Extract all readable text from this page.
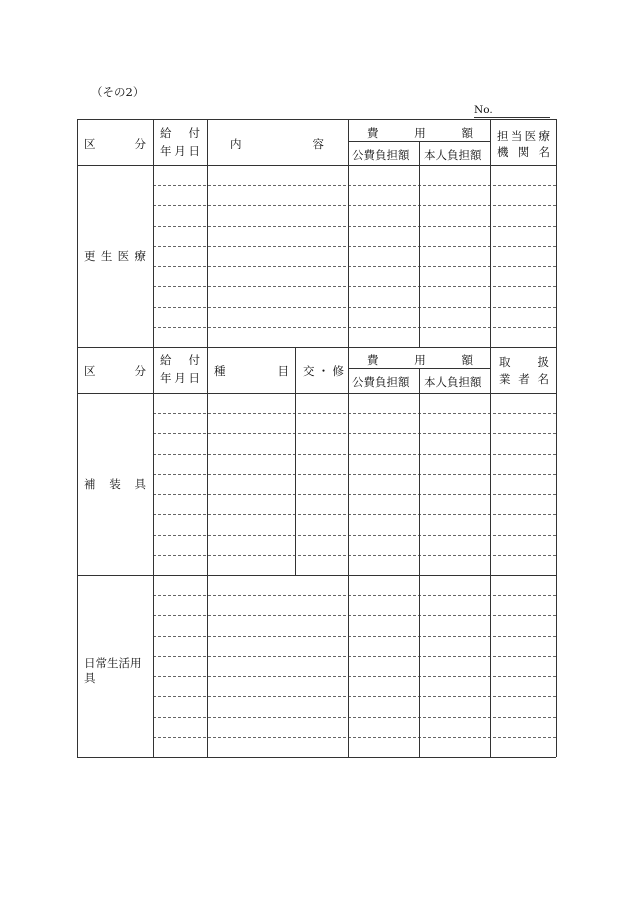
（その2）
No.
区　　分
給　付
年月日	内　　　容
費　用　額
公費負担額 本人負担額
担当医療
機関名
更生医療
区　　分
給　付
年月日 種　　目 交・修
費　用　額
公費負担額 本人負担額
取　扱
業者名
補　装　具
日常生活用
具
